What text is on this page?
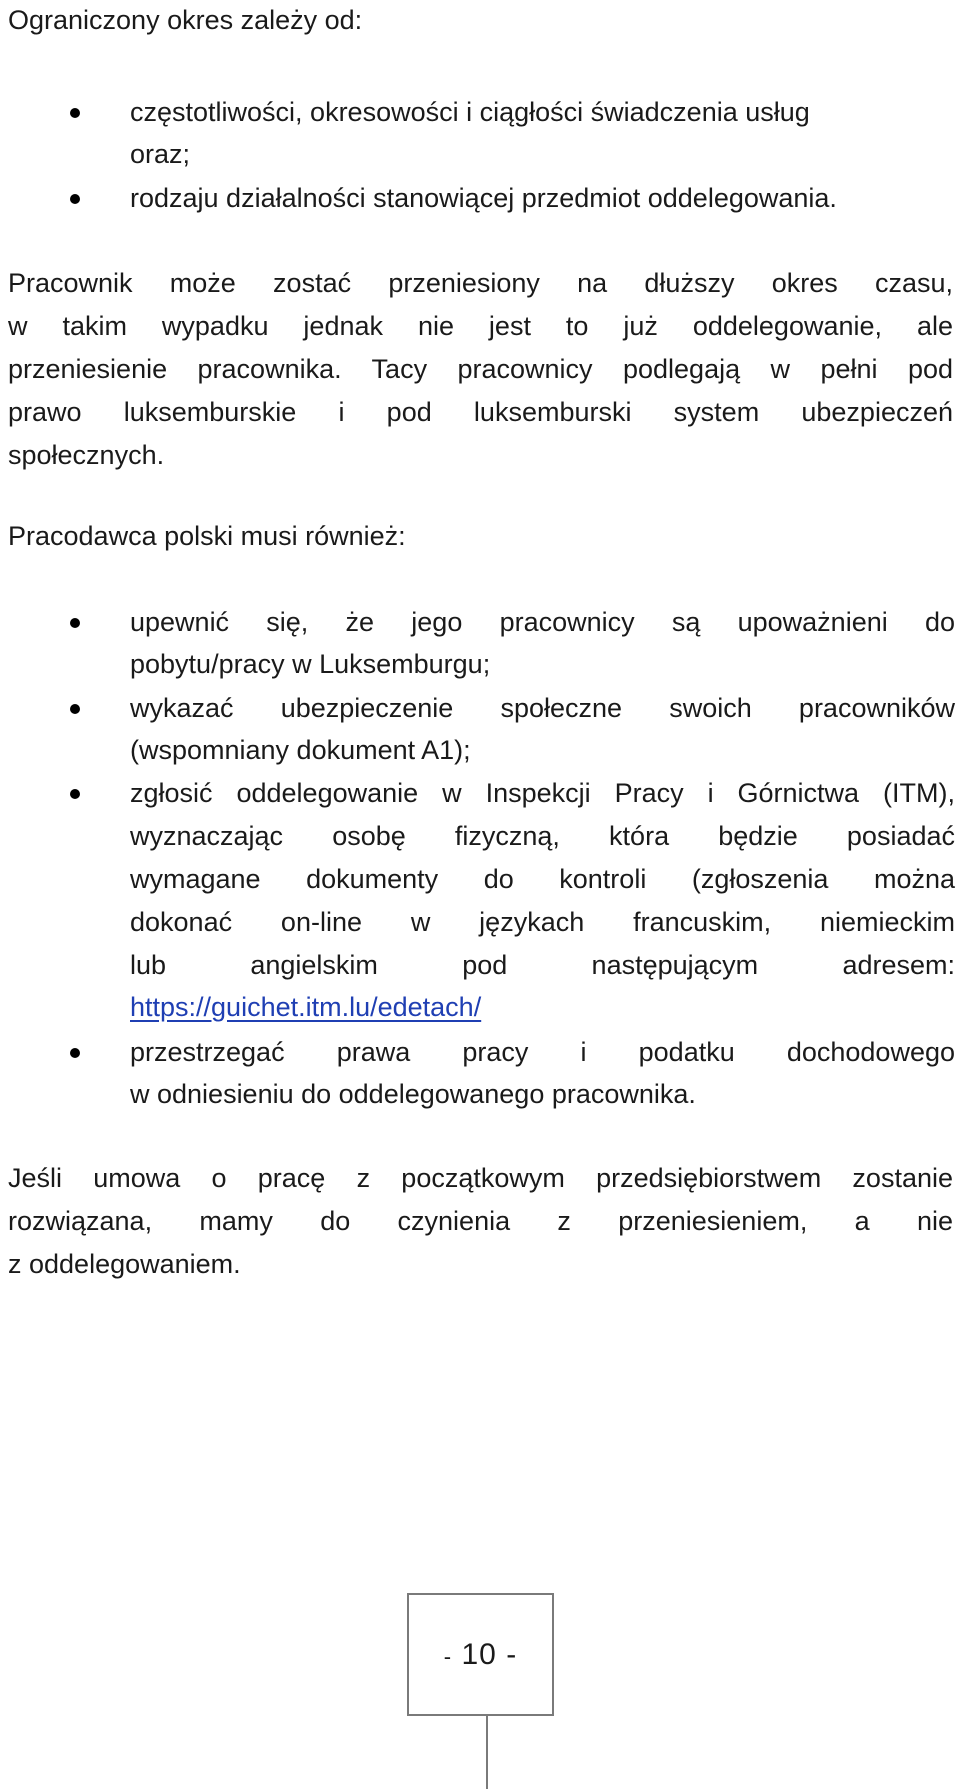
Ograniczony okres zależy od:
częstotliwości, okresowości i ciągłości świadczenia usług
oraz;
rodzaju działalności stanowiącej przedmiot oddelegowania.
Pracownik może zostać przeniesiony na dłuższy okres czasu,
w takim wypadku jednak nie jest to już oddelegowanie, ale
przeniesienie pracownika. Tacy pracownicy podlegają w pełni pod
prawo luksemburskie i pod luksemburski system ubezpieczeń
społecznych.
Pracodawca polski musi również:
upewnić się, że jego pracownicy są upoważnieni do
pobytu/pracy w Luksemburgu;
wykazać ubezpieczenie społeczne swoich pracowników
(wspomniany dokument A1);
zgłosić oddelegowanie w Inspekcji Pracy i Górnictwa (ITM),
wyznaczając osobę fizyczną, która będzie posiadać
wymagane dokumenty do kontroli (zgłoszenia można
dokonać on-line w językach francuskim, niemieckim
lub angielskim pod następującym adresem:
https://guichet.itm.lu/edetach/
przestrzegać prawa pracy i podatku dochodowego
w odniesieniu do oddelegowanego pracownika.
Jeśli umowa o pracę z początkowym przedsiębiorstwem zostanie
rozwiązana, mamy do czynienia z przeniesieniem, a nie
z oddelegowaniem.
- 10 -
